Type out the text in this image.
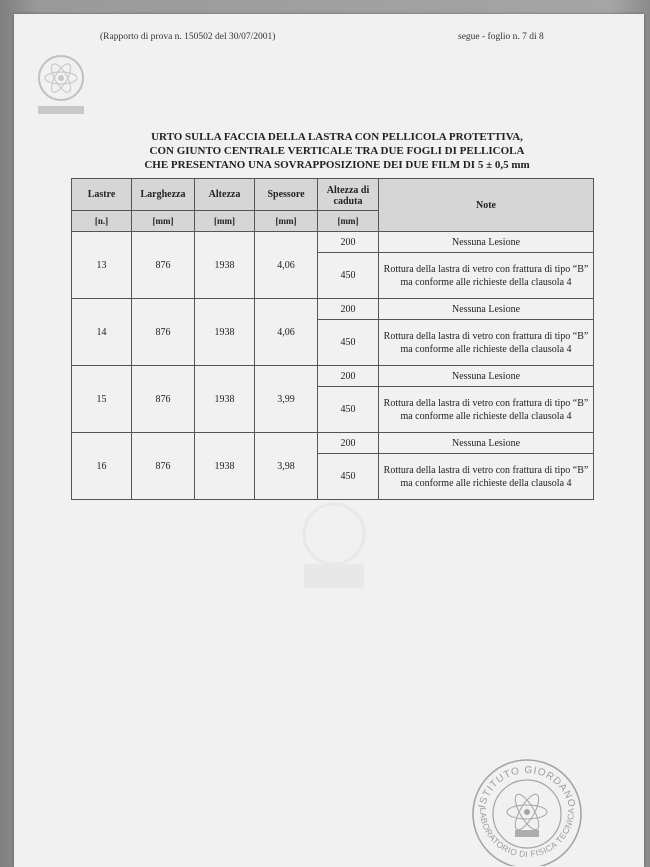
(Rapporto di prova n. 150502 del 30/07/2001)	segue - foglio n. 7 di 8
URTO SULLA FACCIA DELLA LASTRA CON PELLICOLA PROTETTIVA,
CON GIUNTO CENTRALE VERTICALE TRA DUE FOGLI DI PELLICOLA
CHE PRESENTANO UNA SOVRAPPOSIZIONE DEI DUE FILM DI 5 ± 0,5 mm
Lastre	Larghezza	Altezza	Spessore	Altezza di caduta	Note
[n.]	[mm]	[mm]	[mm]	[mm]	
13	876	1938	4,06	200	Nessuna Lesione
				450	Rottura della lastra di vetro con frattura di tipo “B” ma conforme alle richieste della clausola 4
14	876	1938	4,06	200	Nessuna Lesione
				450	Rottura della lastra di vetro con frattura di tipo “B” ma conforme alle richieste della clausola 4
15	876	1938	3,99	200	Nessuna Lesione
				450	Rottura della lastra di vetro con frattura di tipo “B” ma conforme alle richieste della clausola 4
16	876	1938	3,98	200	Nessuna Lesione
				450	Rottura della lastra di vetro con frattura di tipo “B” ma conforme alle richieste della clausola 4
ISTITUTO GIORDANO
LABORATORIO DI FISICA TECNICA
